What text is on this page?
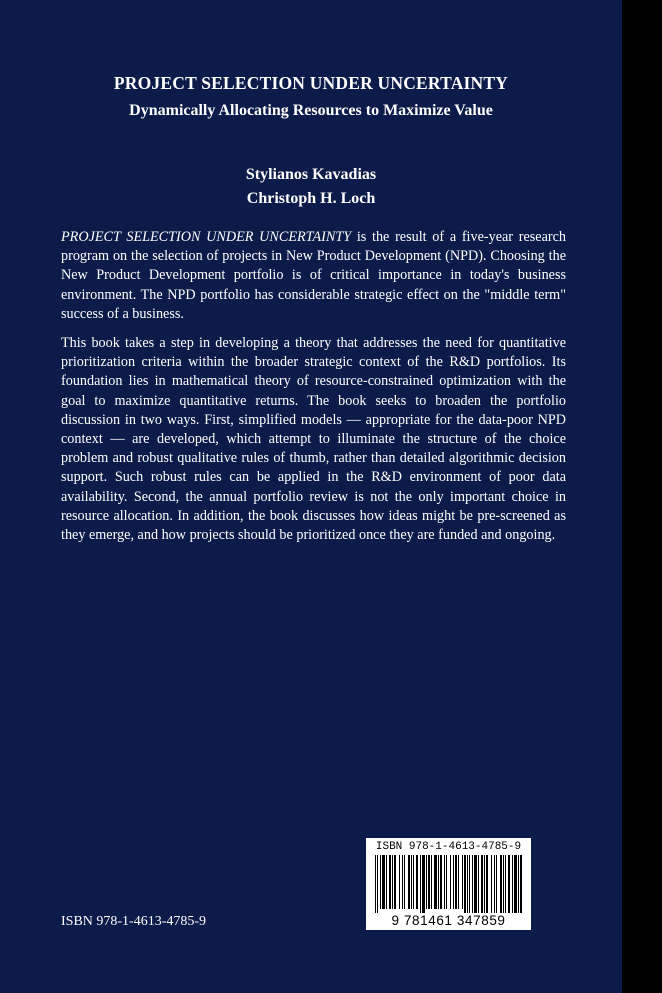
PROJECT SELECTION UNDER UNCERTAINTY
Dynamically Allocating Resources to Maximize Value
Stylianos Kavadias
Christoph H. Loch
PROJECT SELECTION UNDER UNCERTAINTY is the result of a five-year research program on the selection of projects in New Product Development (NPD). Choosing the New Product Development portfolio is of critical importance in today's business environment. The NPD portfolio has considerable strategic effect on the "middle term" success of a business.
This book takes a step in developing a theory that addresses the need for quantitative prioritization criteria within the broader strategic context of the R&D portfolios. Its foundation lies in mathematical theory of resource-constrained optimization with the goal to maximize quantitative returns. The book seeks to broaden the portfolio discussion in two ways. First, simplified models — appropriate for the data-poor NPD context — are developed, which attempt to illuminate the structure of the choice problem and robust qualitative rules of thumb, rather than detailed algorithmic decision support. Such robust rules can be applied in the R&D environment of poor data availability. Second, the annual portfolio review is not the only important choice in resource allocation. In addition, the book discusses how ideas might be pre-screened as they emerge, and how projects should be prioritized once they are funded and ongoing.
ISBN 978-1-4613-4785-9
ISBN 978-1-4613-4785-9
9 781461 347859
